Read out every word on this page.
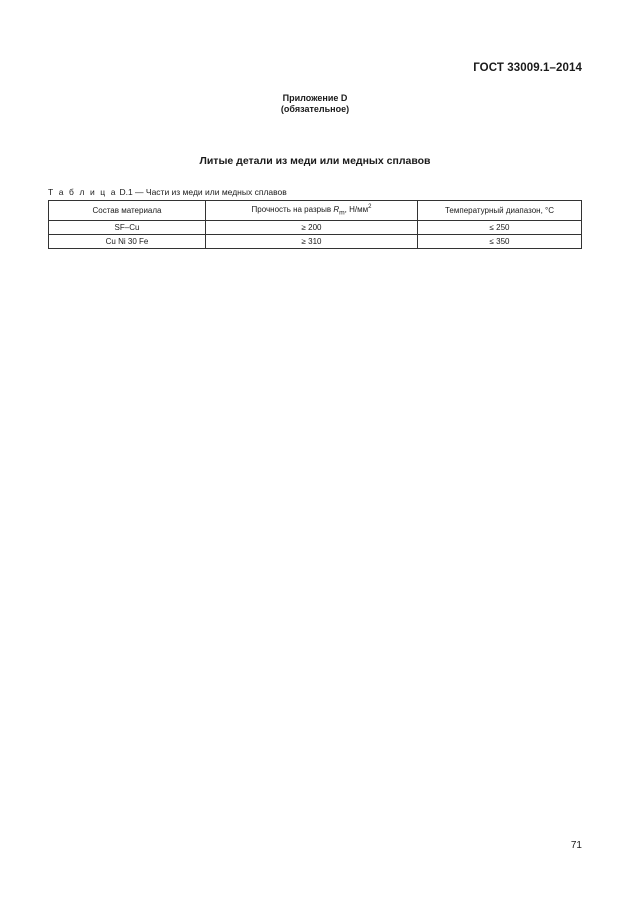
ГОСТ 33009.1–2014
Приложение D
(обязательное)
Литые детали из меди или медных сплавов
Т а б л и ц а D.1 — Части из меди или медных сплавов
Состав материала	Прочность на разрыв $R_m$, $Н/мм^2$	Температурный диапазон, °С
SF–Cu	≥ 200	≤ 250
Cu Ni 30 Fe	≥ 310	≤ 350
71
